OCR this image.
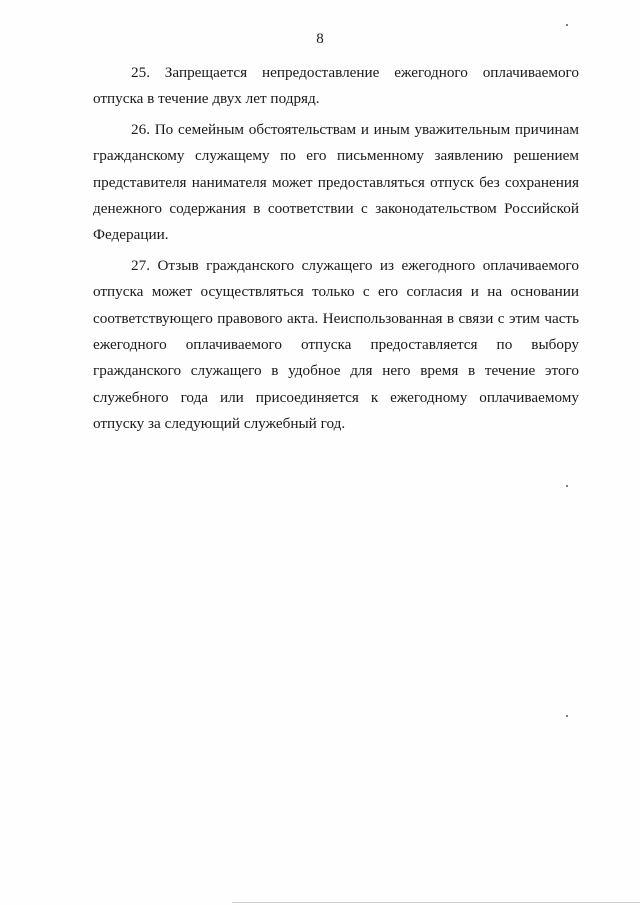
8

25. Запрещается непредоставление ежегодного оплачиваемого отпуска в течение двух лет подряд.

26. По семейным обстоятельствам и иным уважительным причинам гражданскому служащему по его письменному заявлению решением представителя нанимателя может предоставляться отпуск без сохранения денежного содержания в соответствии с законодательством Российской Федерации.

27. Отзыв гражданского служащего из ежегодного оплачиваемого отпуска может осуществляться только с его согласия и на основании соответствующего правового акта. Неиспользованная в связи с этим часть ежегодного оплачиваемого отпуска предоставляется по выбору гражданского служащего в удобное для него время в течение этого служебного года или присоединяется к ежегодному оплачиваемому отпуску за следующий служебный год.
